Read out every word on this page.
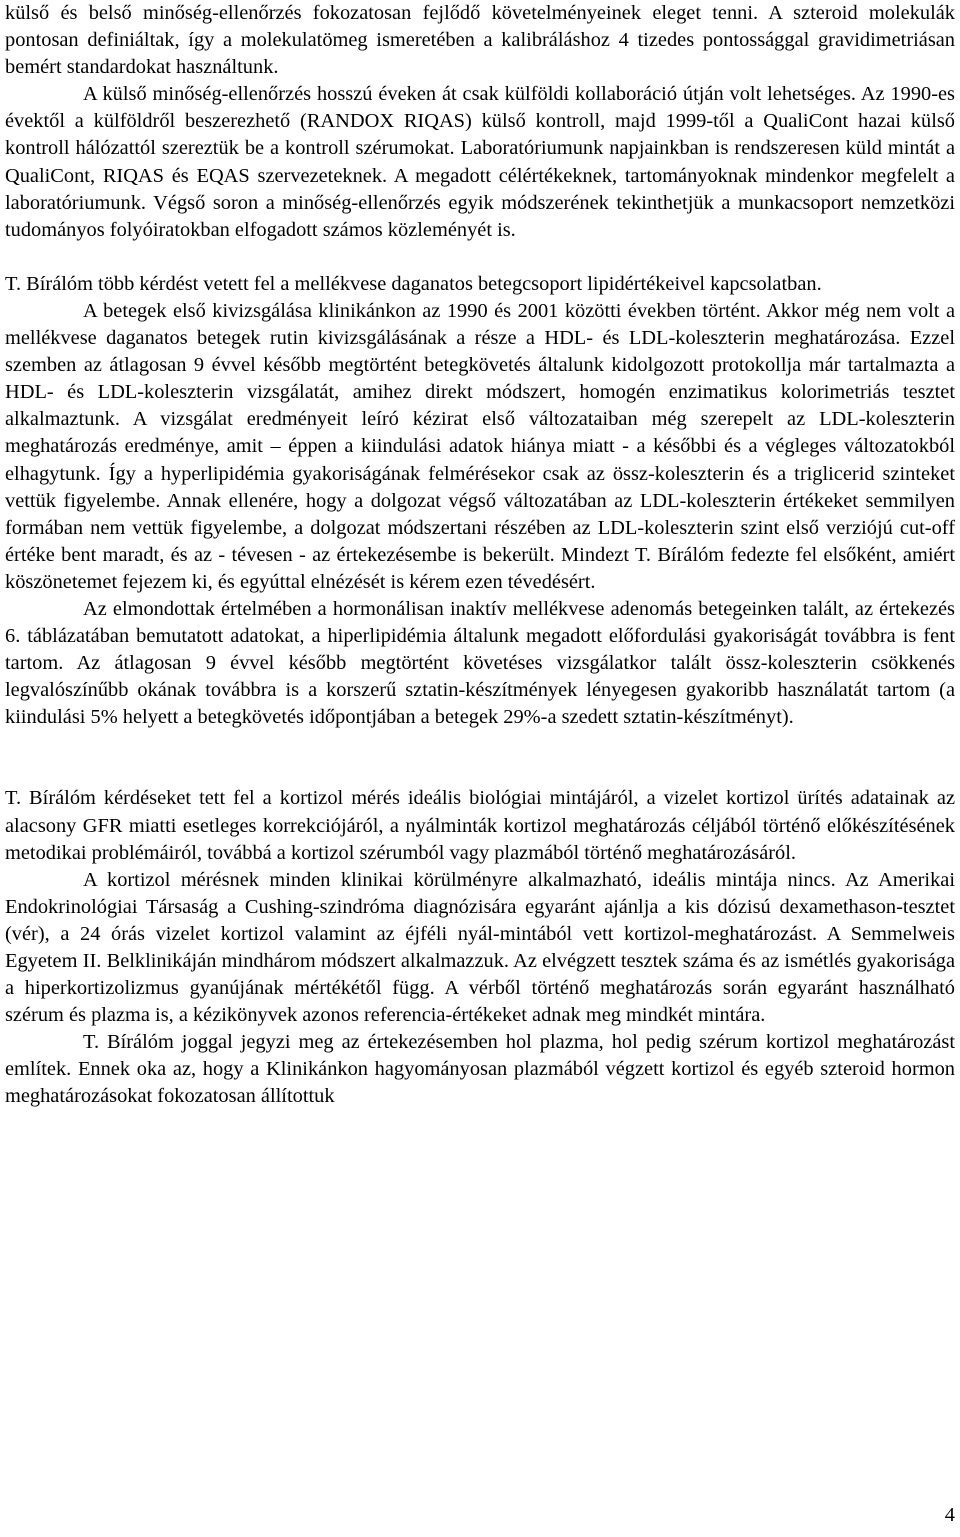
külső és belső minőség-ellenőrzés fokozatosan fejlődő követelményeinek eleget tenni. A szteroid molekulák pontosan definiáltak, így a molekulatömeg ismeretében a kalibráláshoz 4 tizedes pontossággal gravidimetriásan bemért standardokat használtunk.

A külső minőség-ellenőrzés hosszú éveken át csak külföldi kollaboráció útján volt lehetséges. Az 1990-es évektől a külföldről beszerezhető (RANDOX RIQAS) külső kontroll, majd 1999-től a QualiCont hazai külső kontroll hálózattól szereztük be a kontroll szérumokat. Laboratóriumunk napjainkban is rendszeresen küld mintát a QualiCont, RIQAS és EQAS szervezeteknek. A megadott célértékeknek, tartományoknak mindenkor megfelelt a laboratóriumunk. Végső soron a minőség-ellenőrzés egyik módszerének tekinthetjük a munkacsoport nemzetközi tudományos folyóiratokban elfogadott számos közleményét is.

T. Bírálóm több kérdést vetett fel a mellékvese daganatos betegcsoport lipidértékeivel kapcsolatban.

A betegek első kivizsgálása klinikánkon az 1990 és 2001 közötti években történt. Akkor még nem volt a mellékvese daganatos betegek rutin kivizsgálásának a része a HDL- és LDL-koleszterin meghatározása. Ezzel szemben az átlagosan 9 évvel később megtörtént betegkövetés általunk kidolgozott protokollja már tartalmazta a HDL- és LDL-koleszterin vizsgálatát, amihez direkt módszert, homogén enzimatikus kolorimetriás tesztet alkalmaztunk. A vizsgálat eredményeit leíró kézirat első változataiban még szerepelt az LDL-koleszterin meghatározás eredménye, amit – éppen a kiindulási adatok hiánya miatt - a későbbi és a végleges változatokból elhagytunk. Így a hyperlipidémia gyakoriságának felmérésekor csak az össz-koleszterin és a triglicerid szinteket vettük figyelembe. Annak ellenére, hogy a dolgozat végső változatában az LDL-koleszterin értékeket semmilyen formában nem vettük figyelembe, a dolgozat módszertani részében az LDL-koleszterin szint első verziójú cut-off értéke bent maradt, és az - tévesen - az értekezésembe is bekerült. Mindezt T. Bírálóm fedezte fel elsőként, amiért köszönetemet fejezem ki, és egyúttal elnézését is kérem ezen tévedésért.

Az elmondottak értelmében a hormonálisan inaktív mellékvese adenomás betegeinken talált, az értekezés 6. táblázatában bemutatott adatokat, a hiperlipidémia általunk megadott előfordulási gyakoriságát továbbra is fent tartom. Az átlagosan 9 évvel később megtörtént követéses vizsgálatkor talált össz-koleszterin csökkenés legvalószínűbb okának továbbra is a korszerű sztatin-készítmények lényegesen gyakoribb használatát tartom (a kiindulási 5% helyett a betegkövetés időpontjában a betegek 29%-a szedett sztatin-készítményt).

T. Bírálóm kérdéseket tett fel a kortizol mérés ideális biológiai mintájáról, a vizelet kortizol ürítés adatainak az alacsony GFR miatti esetleges korrekciójáról, a nyálminták kortizol meghatározás céljából történő előkészítésének metodikai problémáiról, továbbá a kortizol szérumból vagy plazmából történő meghatározásáról.

A kortizol mérésnek minden klinikai körülményre alkalmazható, ideális mintája nincs. Az Amerikai Endokrinológiai Társaság a Cushing-szindróma diagnózisára egyaránt ajánlja a kis dózisú dexamethason-tesztet (vér), a 24 órás vizelet kortizol valamint az éjféli nyál-mintából vett kortizol-meghatározást. A Semmelweis Egyetem II. Belklinikáján mindhárom módszert alkalmazzuk. Az elvégzett tesztek száma és az ismétlés gyakorisága a hiperkortizolizmus gyanújának mértékétől függ. A vérből történő meghatározás során egyaránt használható szérum és plazma is, a kézikönyvek azonos referencia-értékeket adnak meg mindkét mintára.

T. Bírálóm joggal jegyzi meg az értekezésemben hol plazma, hol pedig szérum kortizol meghatározást említek. Ennek oka az, hogy a Klinikánkon hagyományosan plazmából végzett kortizol és egyéb szteroid hormon meghatározásokat fokozatosan állítottuk

4
